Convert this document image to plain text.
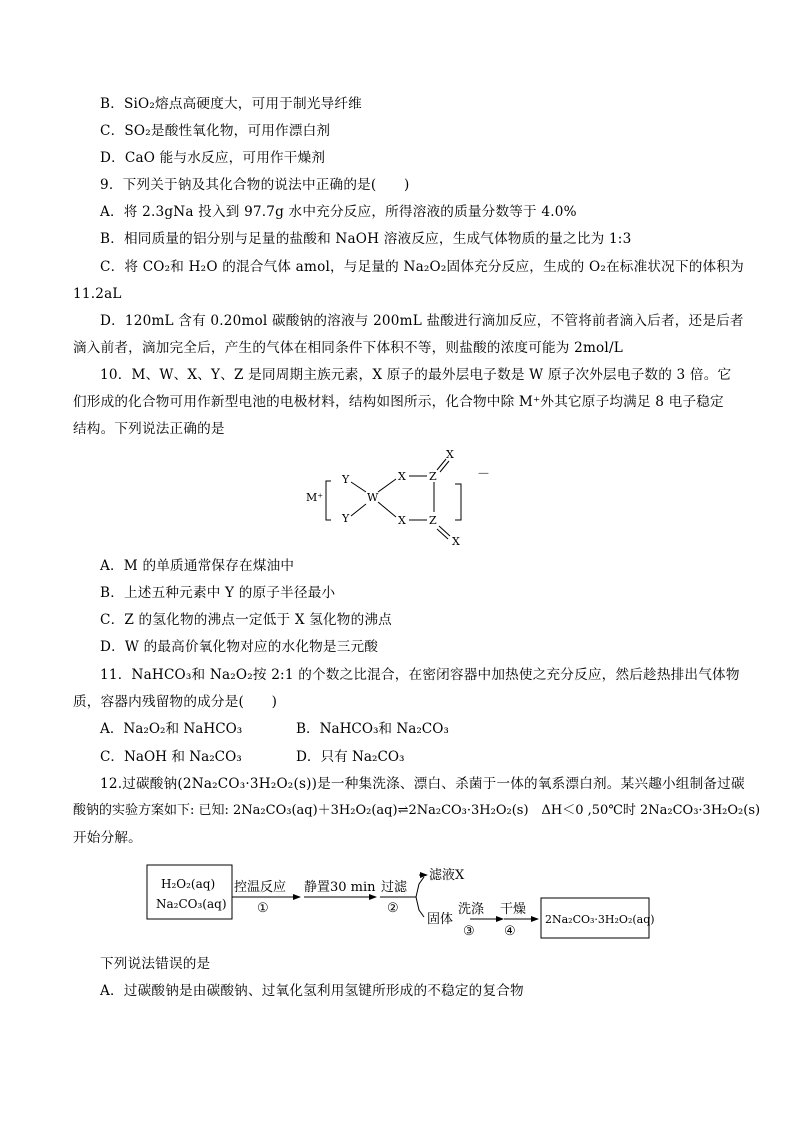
B．SiO₂熔点高硬度大，可用于制光导纤维
C．SO₂是酸性氧化物，可用作漂白剂
D．CaO 能与水反应，可用作干燥剂
9．下列关于钠及其化合物的说法中正确的是(　　)
A．将 2.3gNa 投入到 97.7g 水中充分反应，所得溶液的质量分数等于 4.0%
B．相同质量的铝分别与足量的盐酸和 NaOH 溶液反应，生成气体物质的量之比为 1:3
C．将 CO₂和 H₂O 的混合气体 amol，与足量的 Na₂O₂固体充分反应，生成的 O₂在标准状况下的体积为
11.2aL
D．120mL 含有 0.20mol 碳酸钠的溶液与 200mL 盐酸进行滴加反应，不管将前者滴入后者，还是后者
滴入前者，滴加完全后，产生的气体在相同条件下体积不等，则盐酸的浓度可能为 2mol/L
10．M、W、X、Y、Z 是同周期主族元素，X 原子的最外层电子数是 W 原子次外层电子数的 3 倍。它
们形成的化合物可用作新型电池的电极材料，结构如图所示，化合物中除 M⁺外其它原子均满足 8 电子稳定
结构。下列说法正确的是
M⁺
－
Y
Y
W
X
X
Z
Z
X
X
A．M 的单质通常保存在煤油中
B．上述五种元素中 Y 的原子半径最小
C．Z 的氢化物的沸点一定低于 X 氢化物的沸点
D．W 的最高价氧化物对应的水化物是三元酸
11．NaHCO₃和 Na₂O₂按 2:1 的个数之比混合，在密闭容器中加热使之充分反应，然后趁热排出气体物
质，容器内残留物的成分是(　　)
A．Na₂O₂和 NaHCO₃	B．NaHCO₃和 Na₂CO₃
C．NaOH 和 Na₂CO₃	D．只有 Na₂CO₃
12.过碳酸钠(2Na₂CO₃·3H₂O₂(s))是一种集洗涤、漂白、杀菌于一体的氧系漂白剂。某兴趣小组制备过碳
酸钠的实验方案如下: 已知: 2Na₂CO₃(aq)＋3H₂O₂(aq)⇌2Na₂CO₃·3H₂O₂(s)　ΔH＜0 ,50℃时 2Na₂CO₃·3H₂O₂(s)
开始分解。
H₂O₂(aq)
Na₂CO₃(aq)
控温反应
①
静置30 min 过滤
②
滤液X
固体
洗涤
③
干燥
④
2Na₂CO₃·3H₂O₂(aq)
下列说法错误的是
A．过碳酸钠是由碳酸钠、过氧化氢利用氢键所形成的不稳定的复合物
